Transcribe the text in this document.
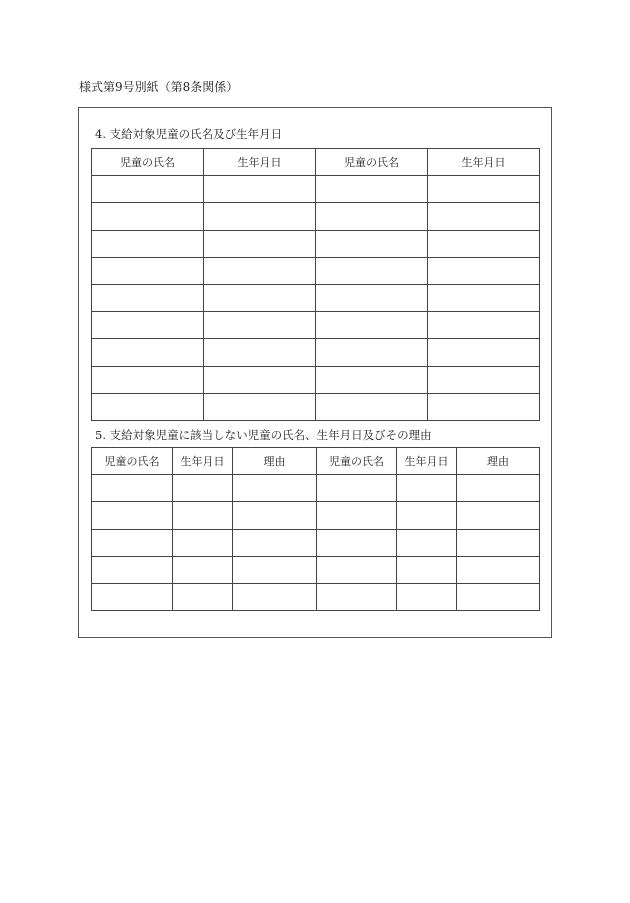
様式第9号別紙（第8条関係）
4. 支給対象児童の氏名及び生年月日
児童の氏名	生年月日	児童の氏名	生年月日

5. 支給対象児童に該当しない児童の氏名、生年月日及びその理由
児童の氏名	生年月日	理由	児童の氏名	生年月日	理由
